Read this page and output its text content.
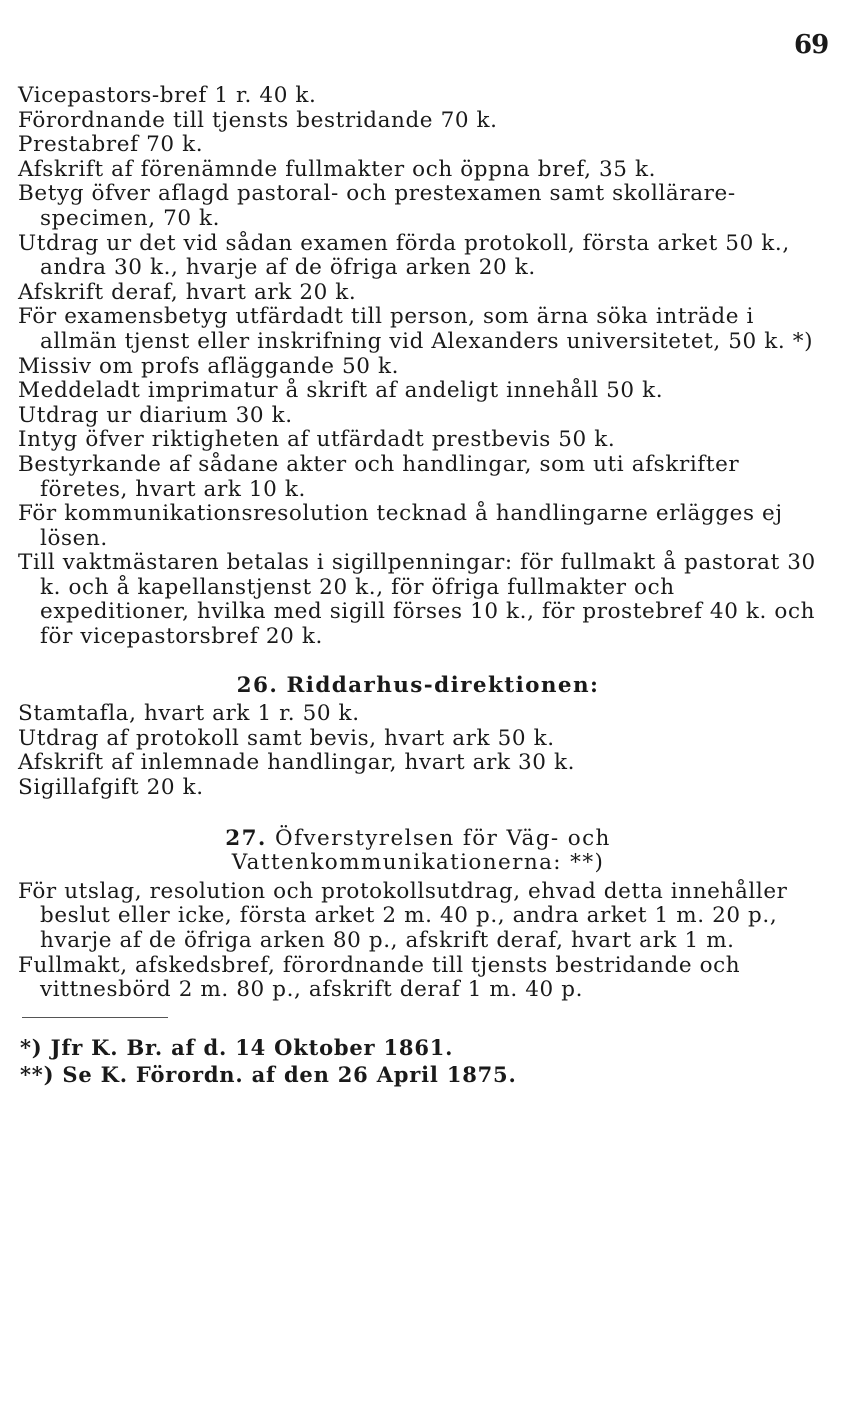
69

Vicepastors-bref 1 r. 40 k.

Förordnande till tjensts bestridande 70 k.

Prestabref 70 k.

Afskrift af förenämnde fullmakter och öppna bref, 35 k.

Betyg öfver aflagd pastoral- och prestexamen samt skollärare-specimen, 70 k.

Utdrag ur det vid sådan examen förda protokoll, första arket 50 k., andra 30 k., hvarje af de öfriga arken 20 k.

Afskrift deraf, hvart ark 20 k.

För examensbetyg utfärdadt till person, som ärna söka inträde i allmän tjenst eller inskrifning vid Alexanders universitetet, 50 k. *)

Missiv om profs afläggande 50 k.

Meddeladt imprimatur å skrift af andeligt innehåll 50 k.

Utdrag ur diarium 30 k.

Intyg öfver riktigheten af utfärdadt prestbevis 50 k.

Bestyrkande af sådane akter och handlingar, som uti afskrifter företes, hvart ark 10 k.

För kommunikationsresolution tecknad å handlingarne erlägges ej lösen.

Till vaktmästaren betalas i sigillpenningar: för fullmakt å pastorat 30 k. och å kapellanstjenst 20 k., för öfriga fullmakter och expeditioner, hvilka med sigill förses 10 k., för prostebref 40 k. och för vicepastorsbref 20 k.

26. Riddarhus-direktionen:

Stamtafla, hvart ark 1 r. 50 k.

Utdrag af protokoll samt bevis, hvart ark 50 k.

Afskrift af inlemnade handlingar, hvart ark 30 k.

Sigillafgift 20 k.

27. Öfverstyrelsen för Väg- och Vattenkommunikationerna: **)

För utslag, resolution och protokollsutdrag, ehvad detta innehåller beslut eller icke, första arket 2 m. 40 p., andra arket 1 m. 20 p., hvarje af de öfriga arken 80 p., afskrift deraf, hvart ark 1 m.

Fullmakt, afskedsbref, förordnande till tjensts bestridande och vittnesbörd 2 m. 80 p., afskrift deraf 1 m. 40 p.

*) Jfr K. Br. af d. 14 Oktober 1861.

**) Se K. Förordn. af den 26 April 1875.
